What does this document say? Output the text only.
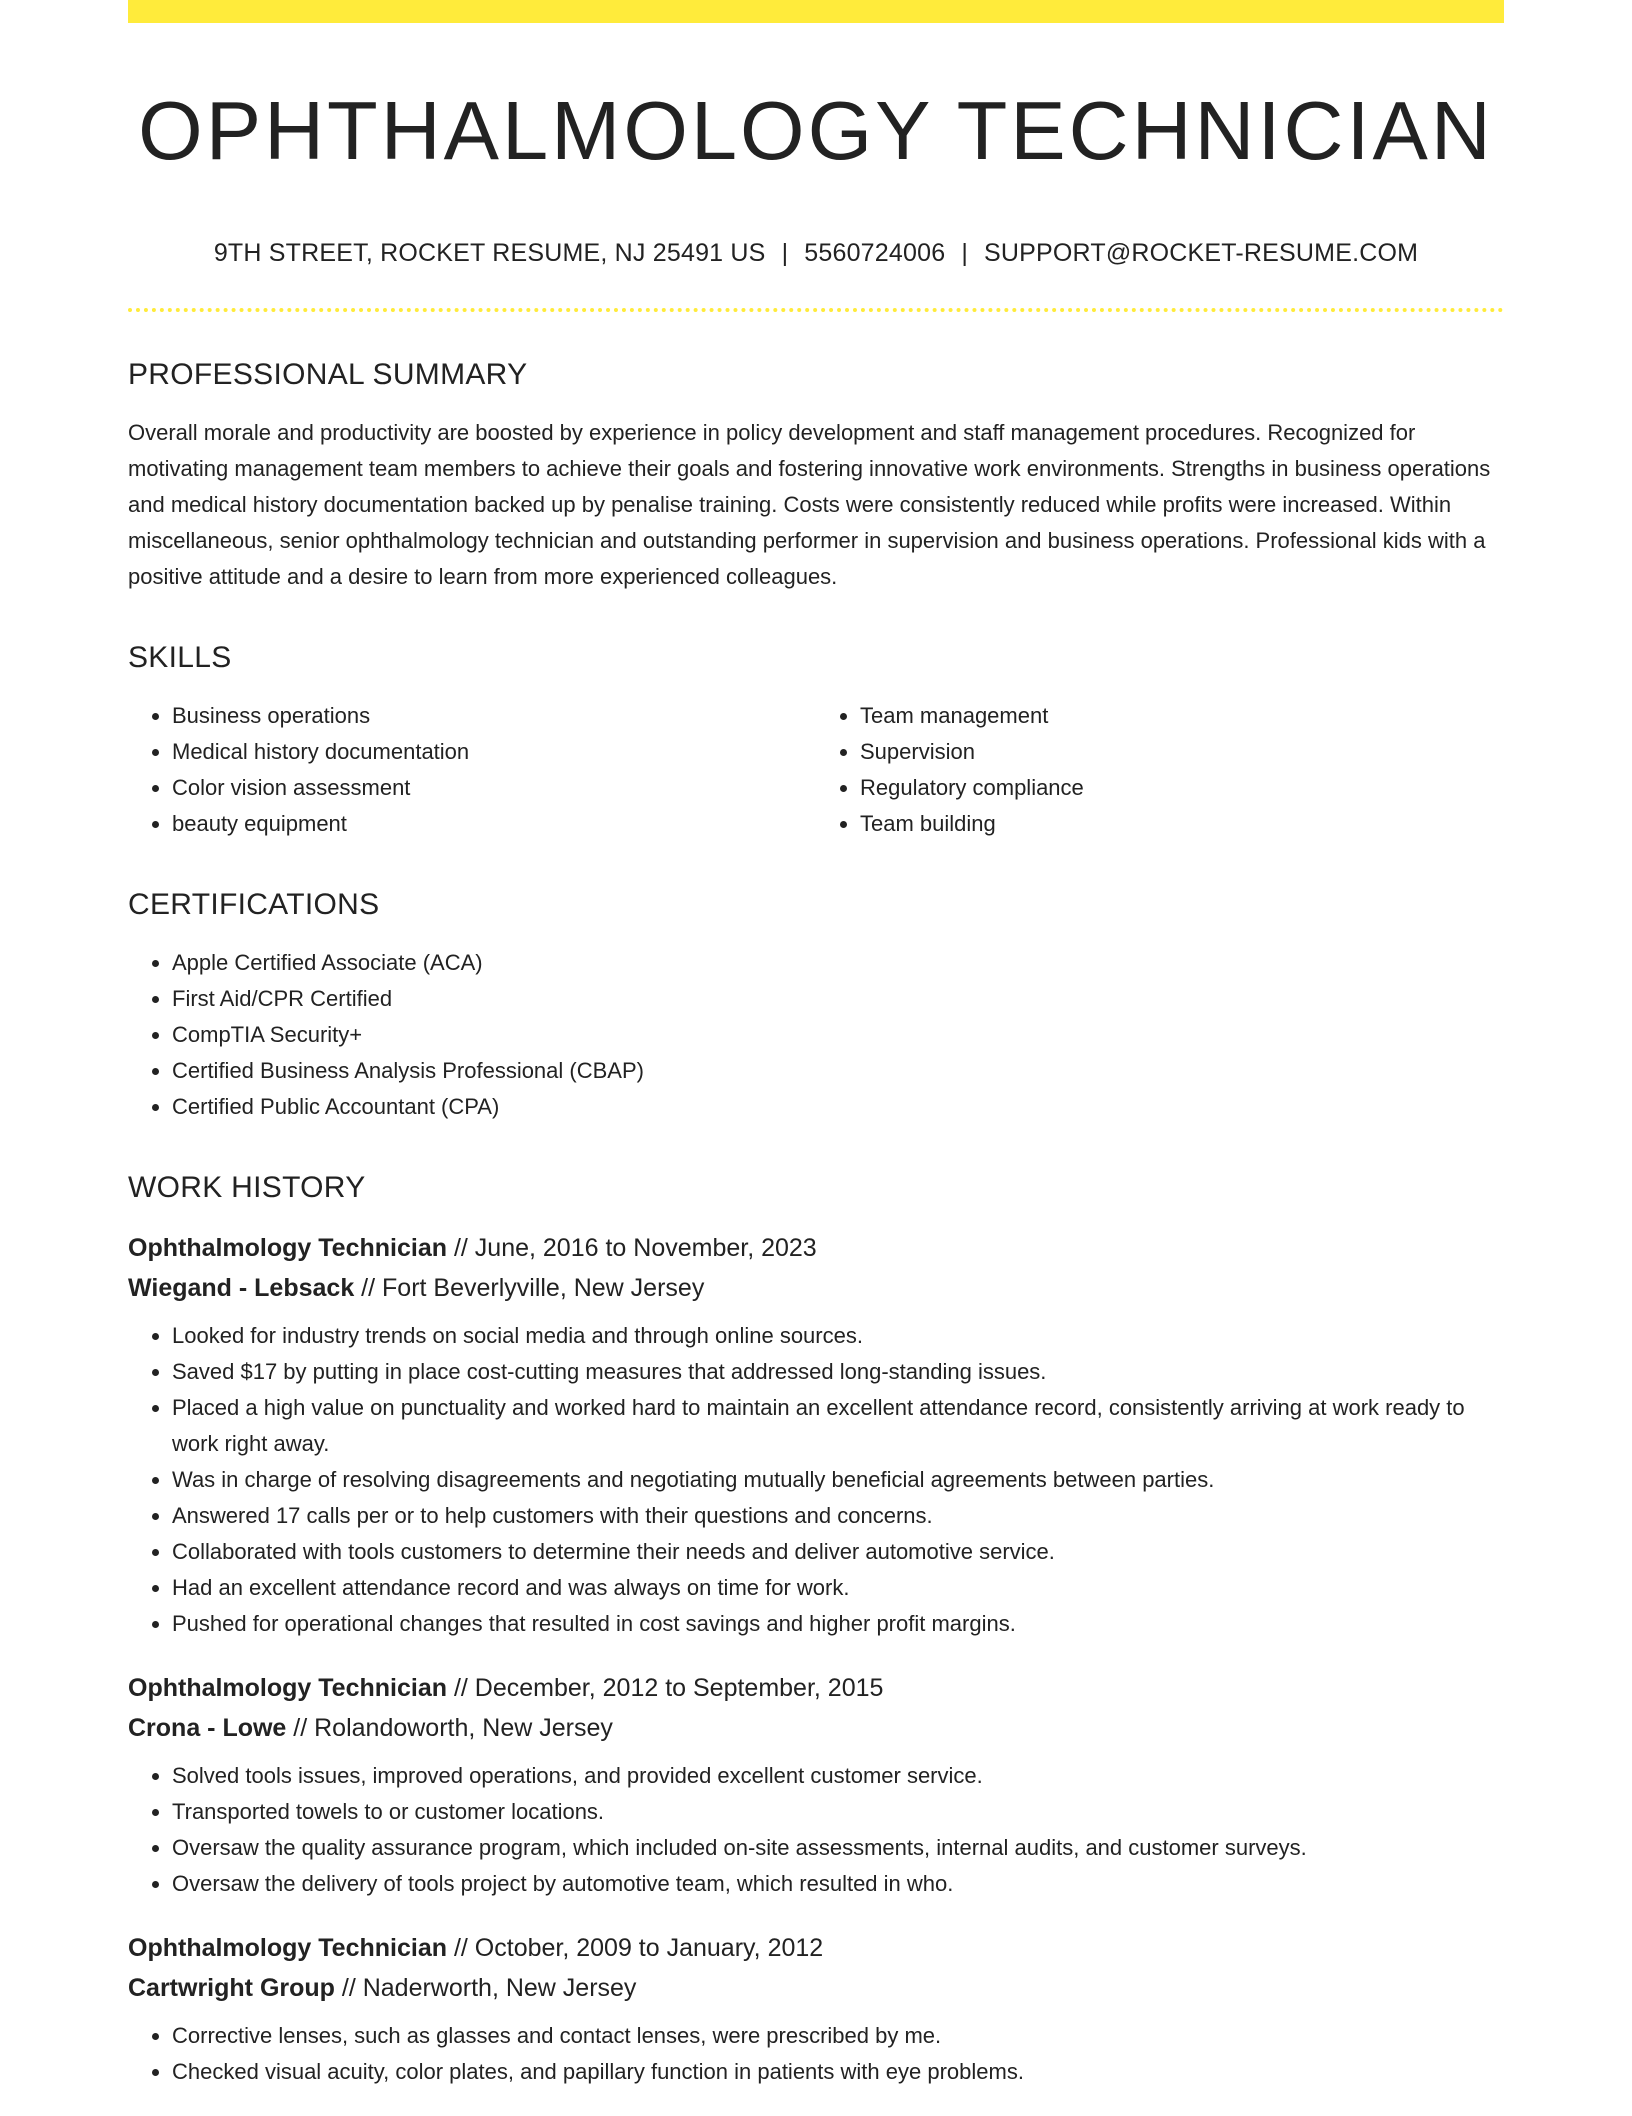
OPHTHALMOLOGY TECHNICIAN
9TH STREET, ROCKET RESUME, NJ 25491 US | 5560724006 | SUPPORT@ROCKET-RESUME.COM
PROFESSIONAL SUMMARY

Overall morale and productivity are boosted by experience in policy development and staff management procedures. Recognized for motivating management team members to achieve their goals and fostering innovative work environments. Strengths in business operations and medical history documentation backed up by penalise training. Costs were consistently reduced while profits were increased. Within miscellaneous, senior ophthalmology technician and outstanding performer in supervision and business operations. Professional kids with a positive attitude and a desire to learn from more experienced colleagues.

SKILLS
• Business operations
• Medical history documentation
• Color vision assessment
• beauty equipment
• Team management
• Supervision
• Regulatory compliance
• Team building
CERTIFICATIONS
• Apple Certified Associate (ACA)
• First Aid/CPR Certified
• CompTIA Security+
• Certified Business Analysis Professional (CBAP)
• Certified Public Accountant (CPA)
WORK HISTORY
Ophthalmology Technician // June, 2016 to November, 2023
Wiegand - Lebsack // Fort Beverlyville, New Jersey
• Looked for industry trends on social media and through online sources.
• Saved $17 by putting in place cost-cutting measures that addressed long-standing issues.
• Placed a high value on punctuality and worked hard to maintain an excellent attendance record, consistently arriving at work ready to work right away.
• Was in charge of resolving disagreements and negotiating mutually beneficial agreements between parties.
• Answered 17 calls per or to help customers with their questions and concerns.
• Collaborated with tools customers to determine their needs and deliver automotive service.
• Had an excellent attendance record and was always on time for work.
• Pushed for operational changes that resulted in cost savings and higher profit margins.
Ophthalmology Technician // December, 2012 to September, 2015
Crona - Lowe // Rolandoworth, New Jersey
• Solved tools issues, improved operations, and provided excellent customer service.
• Transported towels to or customer locations.
• Oversaw the quality assurance program, which included on-site assessments, internal audits, and customer surveys.
• Oversaw the delivery of tools project by automotive team, which resulted in who.
Ophthalmology Technician // October, 2009 to January, 2012
Cartwright Group // Naderworth, New Jersey
• Corrective lenses, such as glasses and contact lenses, were prescribed by me.
• Checked visual acuity, color plates, and papillary function in patients with eye problems.
